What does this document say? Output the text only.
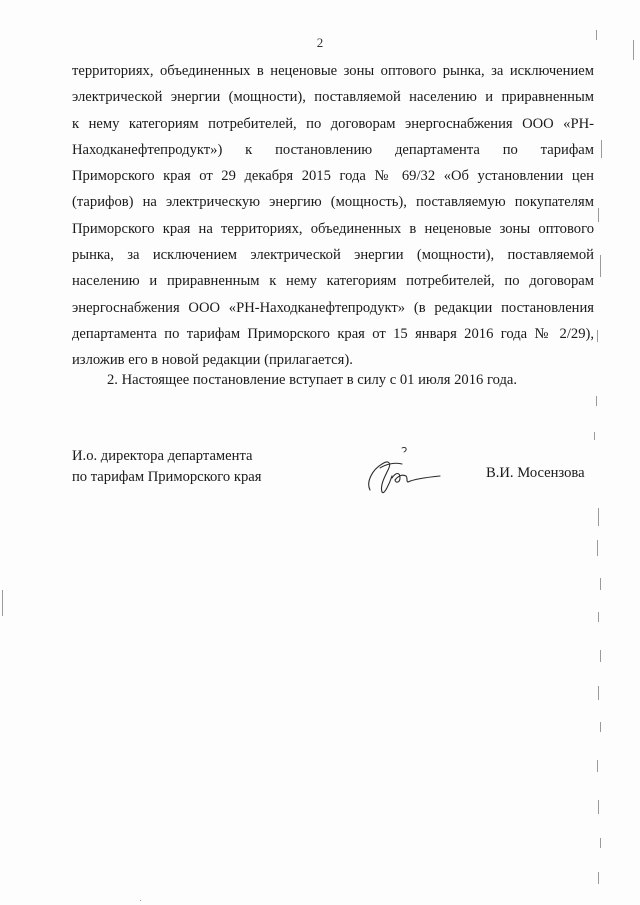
2
территориях, объединенных в неценовые зоны оптового рынка, за исключением
электрической энергии (мощности), поставляемой населению и приравненным
к нему категориям потребителей, по договорам энергоснабжения ООО «РН-
Находканефтепродукт») к постановлению департамента по тарифам
Приморского края от 29 декабря 2015 года № 69/32 «Об установлении цен
(тарифов) на электрическую энергию (мощность), поставляемую покупателям
Приморского края на территориях, объединенных в неценовые зоны оптового
рынка, за исключением электрической энергии (мощности), поставляемой
населению и приравненным к нему категориям потребителей, по договорам
энергоснабжения ООО «РН-Находканефтепродукт» (в редакции постановления
департамента по тарифам Приморского края от 15 января 2016 года № 2/29),
изложив его в новой редакции (прилагается).
2. Настоящее постановление вступает в силу с 01 июля 2016 года.
И.о. директора департамента
по тарифам Приморского края	В.И. Мосензова
